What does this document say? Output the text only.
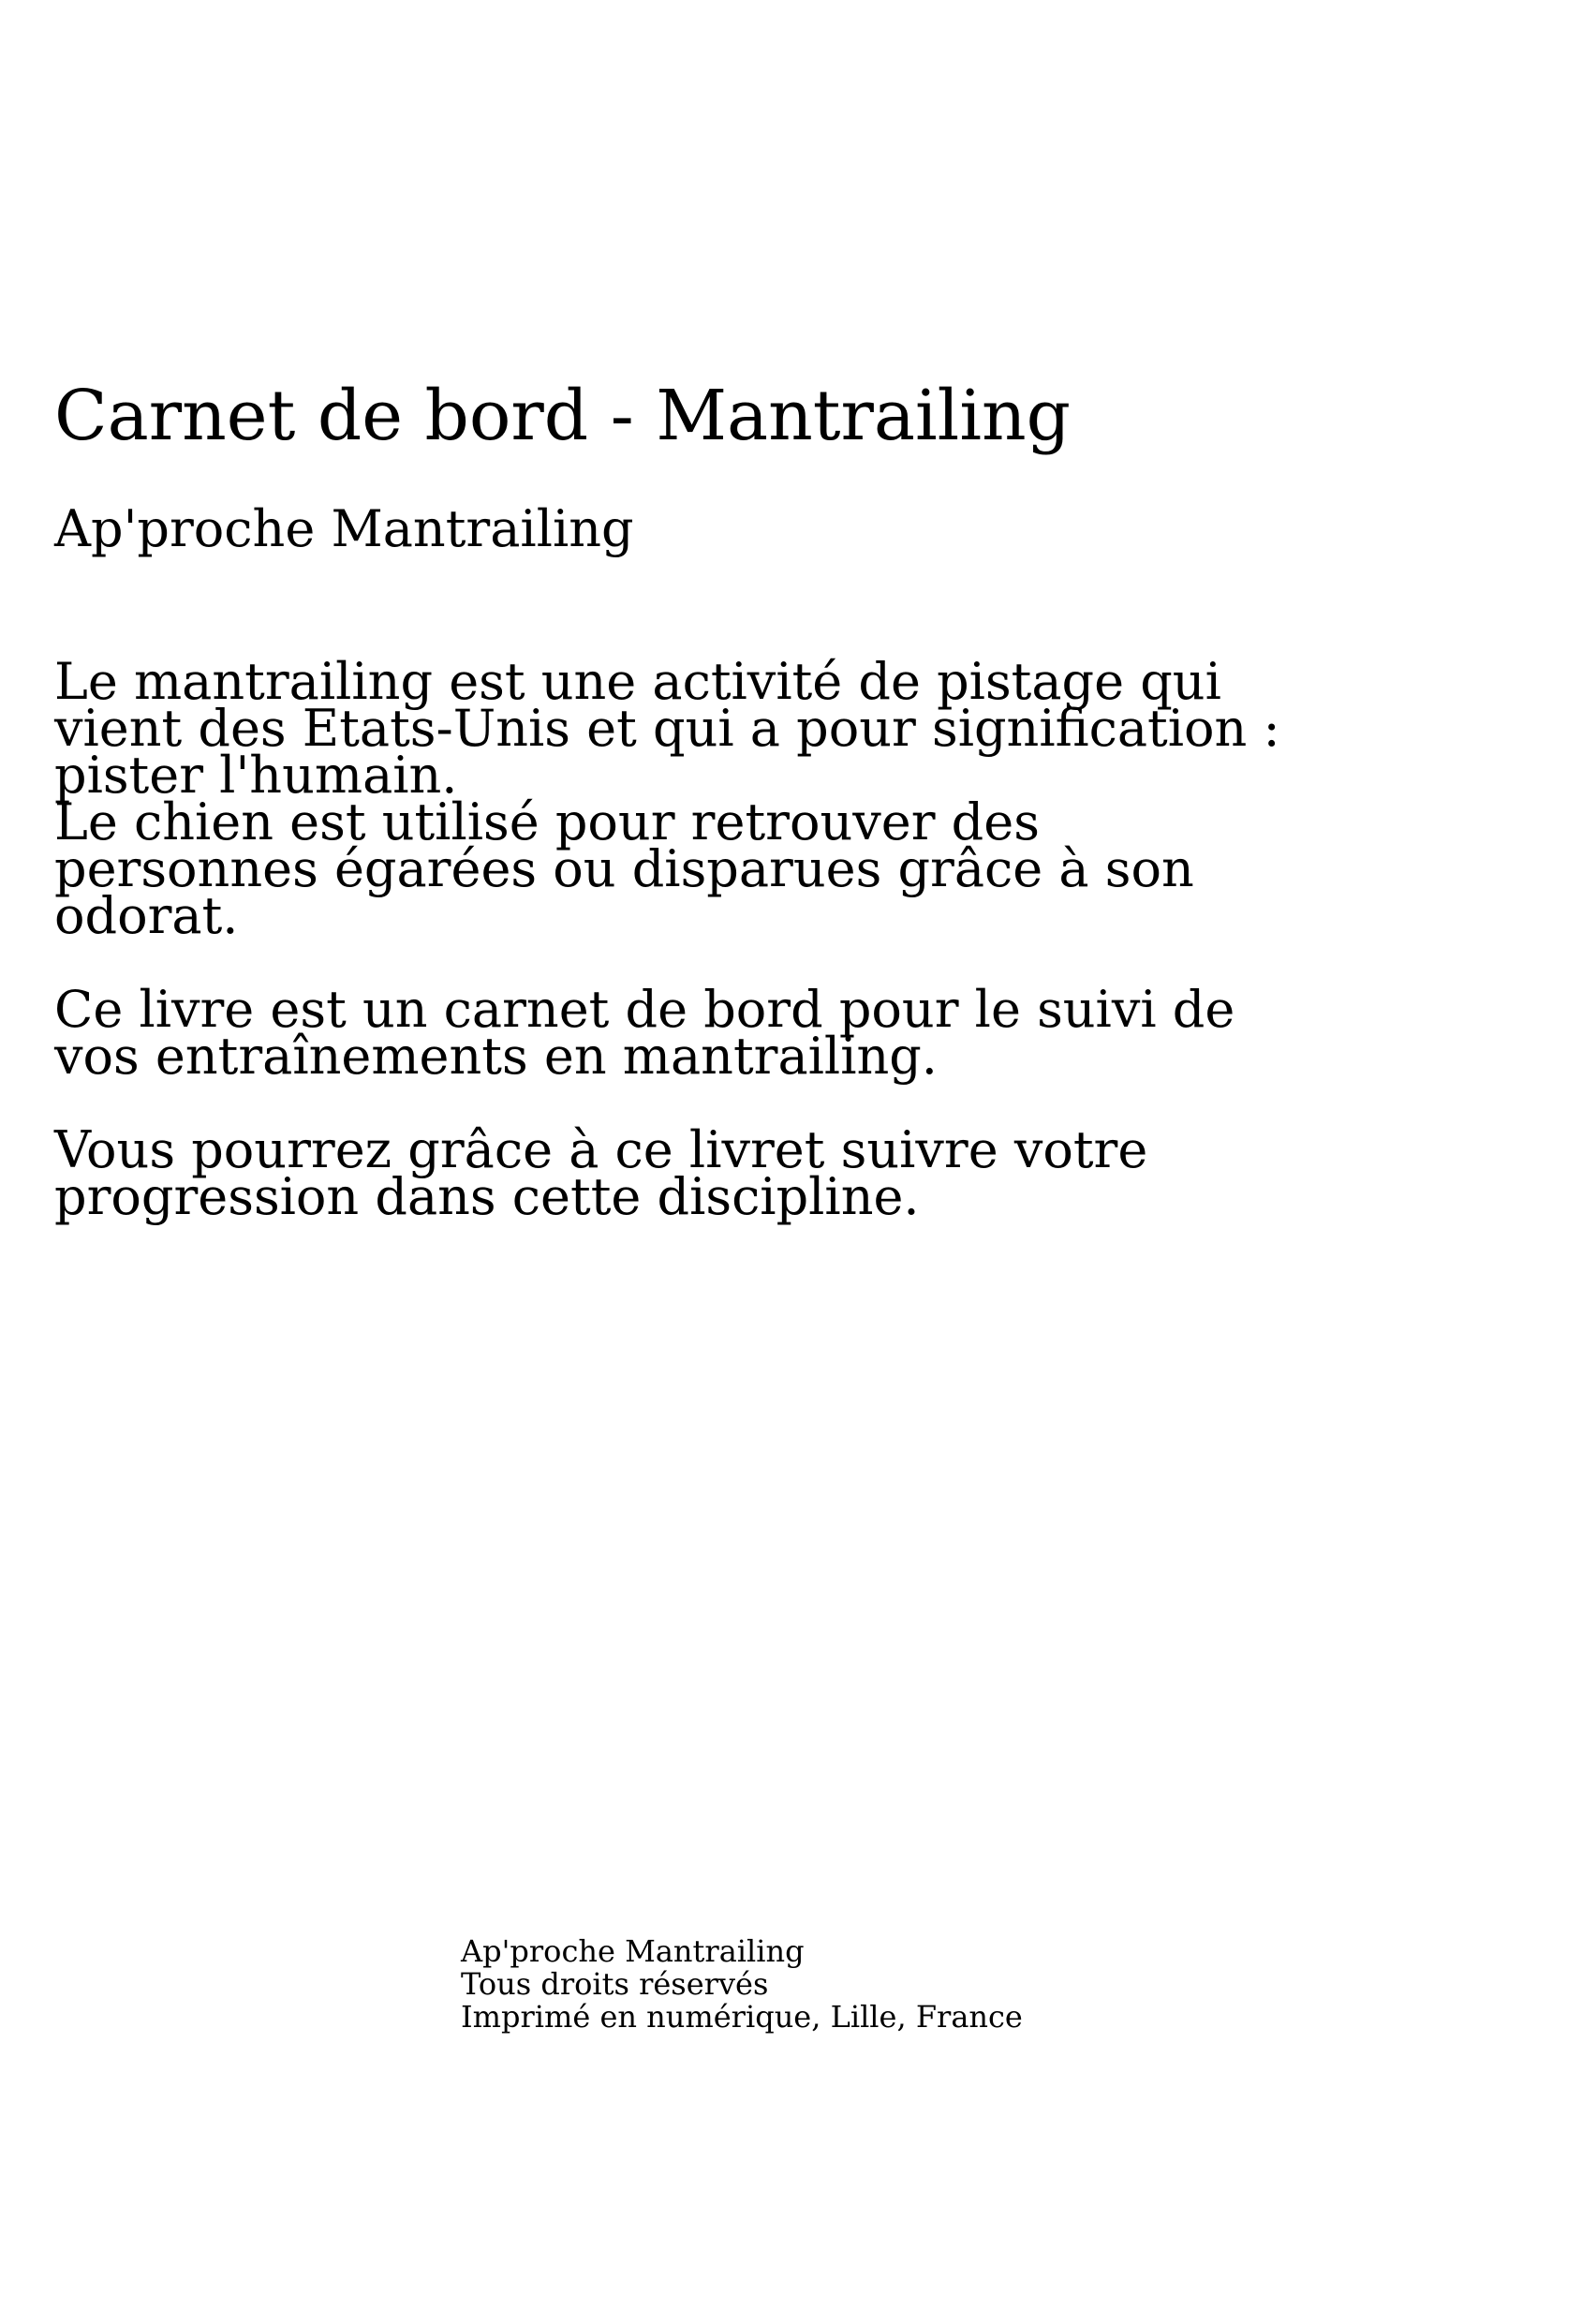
Carnet de bord - Mantrailing
Ap'proche Mantrailing

Le mantrailing est une activité de pistage qui
vient des Etats-Unis et qui a pour signification :
pister l'humain.
Le chien est utilisé pour retrouver des
personnes égarées ou disparues grâce à son
odorat.

Ce livre est un carnet de bord pour le suivi de
vos entraînements en mantrailing.

Vous pourrez grâce à ce livret suivre votre
progression dans cette discipline.

Ap'proche Mantrailing
Tous droits réservés
Imprimé en numérique, Lille, France
